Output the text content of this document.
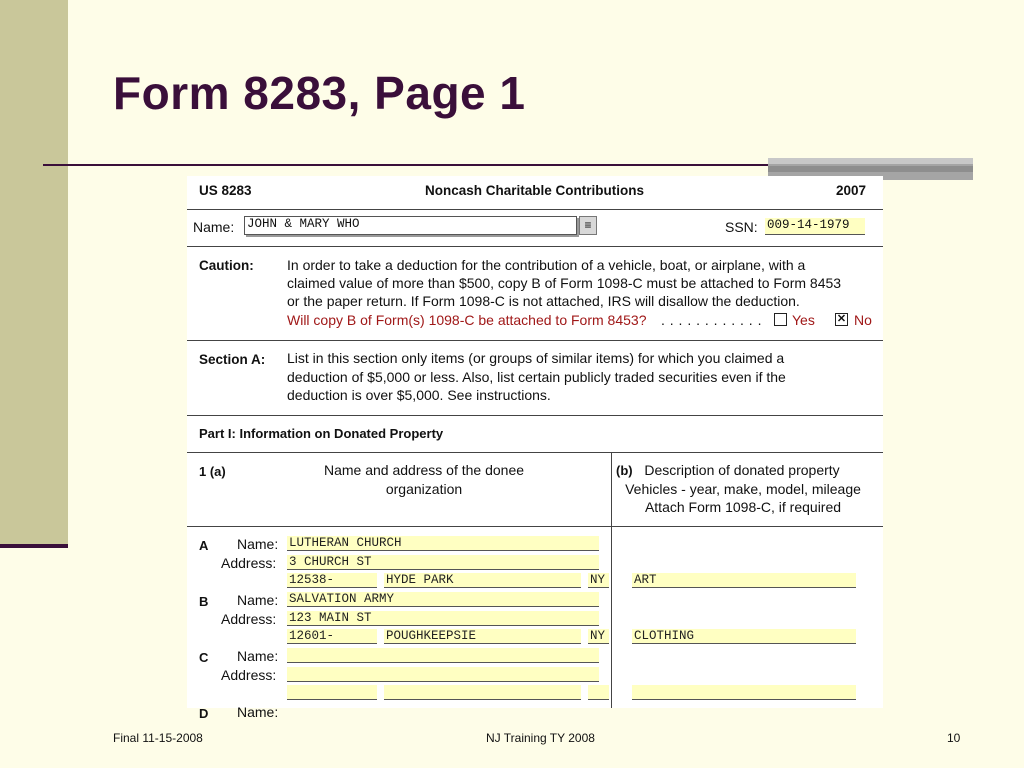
Form 8283, Page 1
US 8283	Noncash Charitable Contributions	2007
Name: JOHN & MARY WHO	≡	SSN: 009-14-1979
Caution: In order to take a deduction for the contribution of a vehicle, boat, or airplane, with a
claimed value of more than $500, copy B of Form 1098-C must be attached to Form 8453
or the paper return. If Form 1098-C is not attached, IRS will disallow the deduction.
Will copy B of Form(s) 1098-C be attached to Form 8453? . . . . . . . . . . . . Yes ✕ No
Section A: List in this section only items (or groups of similar items) for which you claimed a
deduction of $5,000 or less. Also, list certain publicly traded securities even if the
deduction is over $5,000. See instructions.
Part I: Information on Donated Property
1 (a)	Name and address of the donee
organization
(b) Description of donated property
Vehicles - year, make, model, mileage
Attach Form 1098-C, if required
A Name: LUTHERAN CHURCH
Address: 3 CHURCH ST
12538-	HYDE PARK	NY	ART
B Name: SALVATION ARMY
Address: 123 MAIN ST
12601-	POUGHKEEPSIE	NY	CLOTHING
C Name:
Address:
D Name:
Final 11-15-2008	NJ Training TY 2008	10
